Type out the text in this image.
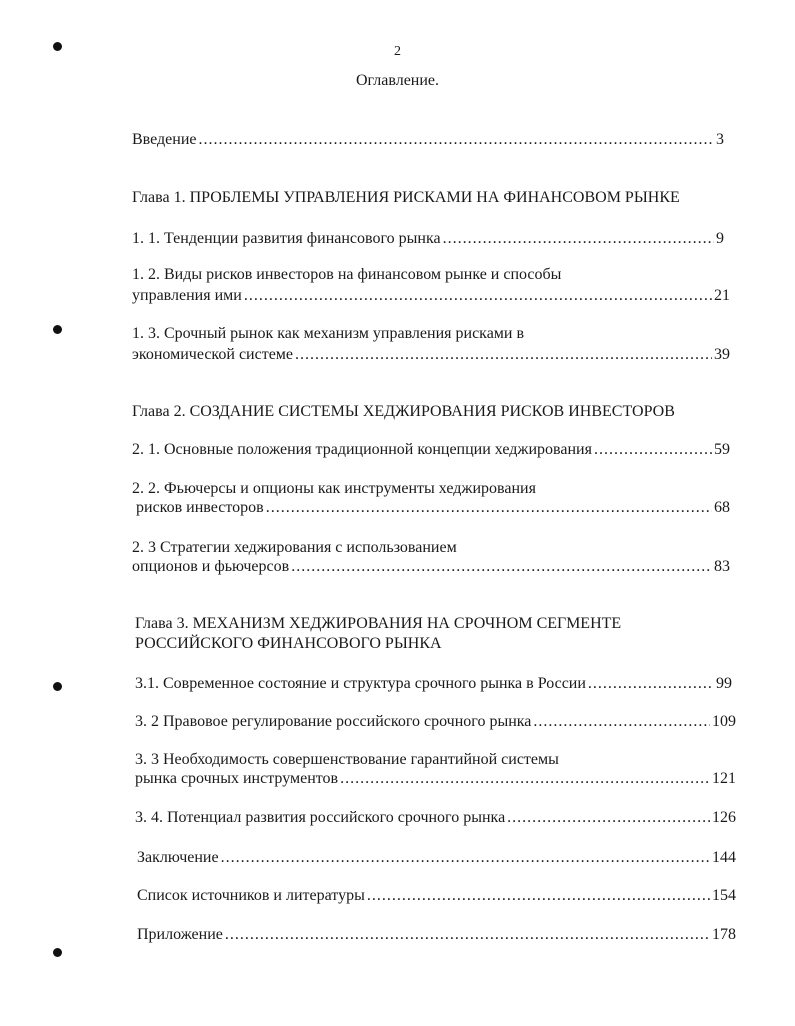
2
Оглавление.
Введение .....	3
Глава 1. ПРОБЛЕМЫ УПРАВЛЕНИЯ РИСКАМИ НА ФИНАНСОВОМ РЫНКЕ
1. 1. Тенденции развития финансового рынка .....	9
1. 2. Виды рисков инвесторов на финансовом рынке и способы
управления ими .....	21
1. 3. Срочный рынок как механизм управления рисками в
экономической системе .....	39
Глава 2. СОЗДАНИЕ СИСТЕМЫ ХЕДЖИРОВАНИЯ РИСКОВ ИНВЕСТОРОВ
2. 1. Основные положения традиционной концепции хеджирования .....	59
2. 2. Фьючерсы и опционы как инструменты хеджирования
рисков инвесторов .....	68
2. 3 Стратегии хеджирования с использованием
опционов и фьючерсов .....	83
Глава 3. МЕХАНИЗМ ХЕДЖИРОВАНИЯ НА СРОЧНОМ СЕГМЕНТЕ
РОССИЙСКОГО ФИНАНСОВОГО РЫНКА
3.1. Современное состояние и структура срочного рынка в России .....	99
3. 2 Правовое регулирование российского срочного рынка .....	109
3. 3 Необходимость совершенствование гарантийной системы
рынка срочных инструментов .....	121
3. 4. Потенциал развития российского срочного рынка .....	126
Заключение .....	144
Список источников и литературы .....	154
Приложение .....	178
